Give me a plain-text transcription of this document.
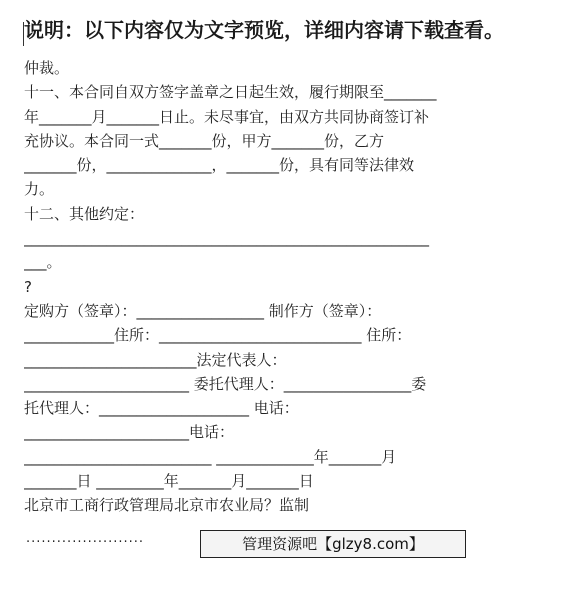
说明：以下内容仅为文字预览，详细内容请下载查看。
仲裁。
十一、本合同自双方签字盖章之日起生效，履行期限至_______
年_______月_______日止。未尽事宜，由双方共同协商签订补
充协议。本合同一式_______份，甲方_______份，乙方
_______份，______________，_______份，具有同等法律效
力。
十二、其他约定：
______________________________________________________
___。
?
定购方（签章）：_________________ 制作方（签章）：
____________住所：___________________________ 住所：
_______________________法定代表人：
______________________ 委托代理人：_________________委
托代理人：____________________ 电话：
______________________电话：
_________________________ _____________年_______月
_______日 _________年_______月_______日
北京市工商行政管理局北京市农业局？监制
·······················	管理资源吧【glzy8.com】
